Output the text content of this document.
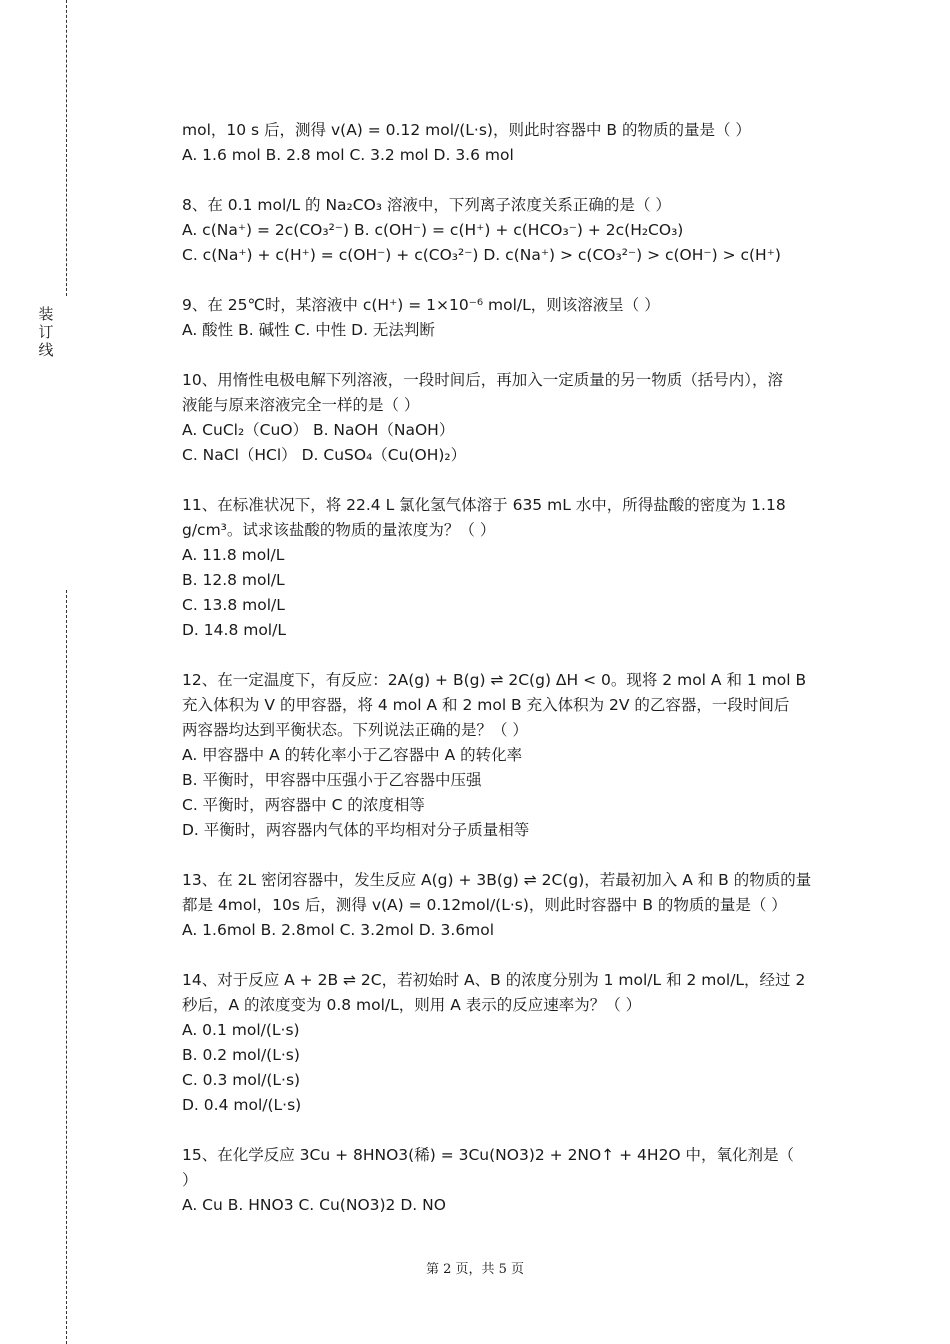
装
订
线
mol，10 s 后，测得 v(A) = 0.12 mol/(L·s)，则此时容器中 B 的物质的量是（ ）
A. 1.6 mol B. 2.8 mol C. 3.2 mol D. 3.6 mol
8、在 0.1 mol/L 的 Na₂CO₃ 溶液中，下列离子浓度关系正确的是（ ）
A. c(Na⁺) = 2c(CO₃²⁻) B. c(OH⁻) = c(H⁺) + c(HCO₃⁻) + 2c(H₂CO₃)
C. c(Na⁺) + c(H⁺) = c(OH⁻) + c(CO₃²⁻) D. c(Na⁺) > c(CO₃²⁻) > c(OH⁻) > c(H⁺)
9、在 25℃时，某溶液中 c(H⁺) = 1×10⁻⁶ mol/L，则该溶液呈（ ）
A. 酸性 B. 碱性 C. 中性 D. 无法判断
10、用惰性电极电解下列溶液，一段时间后，再加入一定质量的另一物质（括号内），溶
液能与原来溶液完全一样的是（ ）
A. CuCl₂（CuO） B. NaOH（NaOH）
C. NaCl（HCl） D. CuSO₄（Cu(OH)₂）
11、在标准状况下，将 22.4 L 氯化氢气体溶于 635 mL 水中，所得盐酸的密度为 1.18
g/cm³。试求该盐酸的物质的量浓度为？（ ）
A. 11.8 mol/L
B. 12.8 mol/L
C. 13.8 mol/L
D. 14.8 mol/L
12、在一定温度下，有反应：2A(g) + B(g) ⇌ 2C(g) ΔH < 0。现将 2 mol A 和 1 mol B
充入体积为 V 的甲容器，将 4 mol A 和 2 mol B 充入体积为 2V 的乙容器，一段时间后
两容器均达到平衡状态。下列说法正确的是？（ ）
A. 甲容器中 A 的转化率小于乙容器中 A 的转化率
B. 平衡时，甲容器中压强小于乙容器中压强
C. 平衡时，两容器中 C 的浓度相等
D. 平衡时，两容器内气体的平均相对分子质量相等
13、在 2L 密闭容器中，发生反应 A(g) + 3B(g) ⇌ 2C(g)，若最初加入 A 和 B 的物质的量
都是 4mol，10s 后，测得 v(A) = 0.12mol/(L·s)，则此时容器中 B 的物质的量是（ ）
A. 1.6mol B. 2.8mol C. 3.2mol D. 3.6mol
14、对于反应 A + 2B ⇌ 2C，若初始时 A、B 的浓度分别为 1 mol/L 和 2 mol/L，经过 2
秒后，A 的浓度变为 0.8 mol/L，则用 A 表示的反应速率为？（ ）
A. 0.1 mol/(L·s)
B. 0.2 mol/(L·s)
C. 0.3 mol/(L·s)
D. 0.4 mol/(L·s)
15、在化学反应 3Cu + 8HNO3(稀) = 3Cu(NO3)2 + 2NO↑ + 4H2O 中，氧化剂是（
）
A. Cu B. HNO3 C. Cu(NO3)2 D. NO
第 2 页，共 5 页
